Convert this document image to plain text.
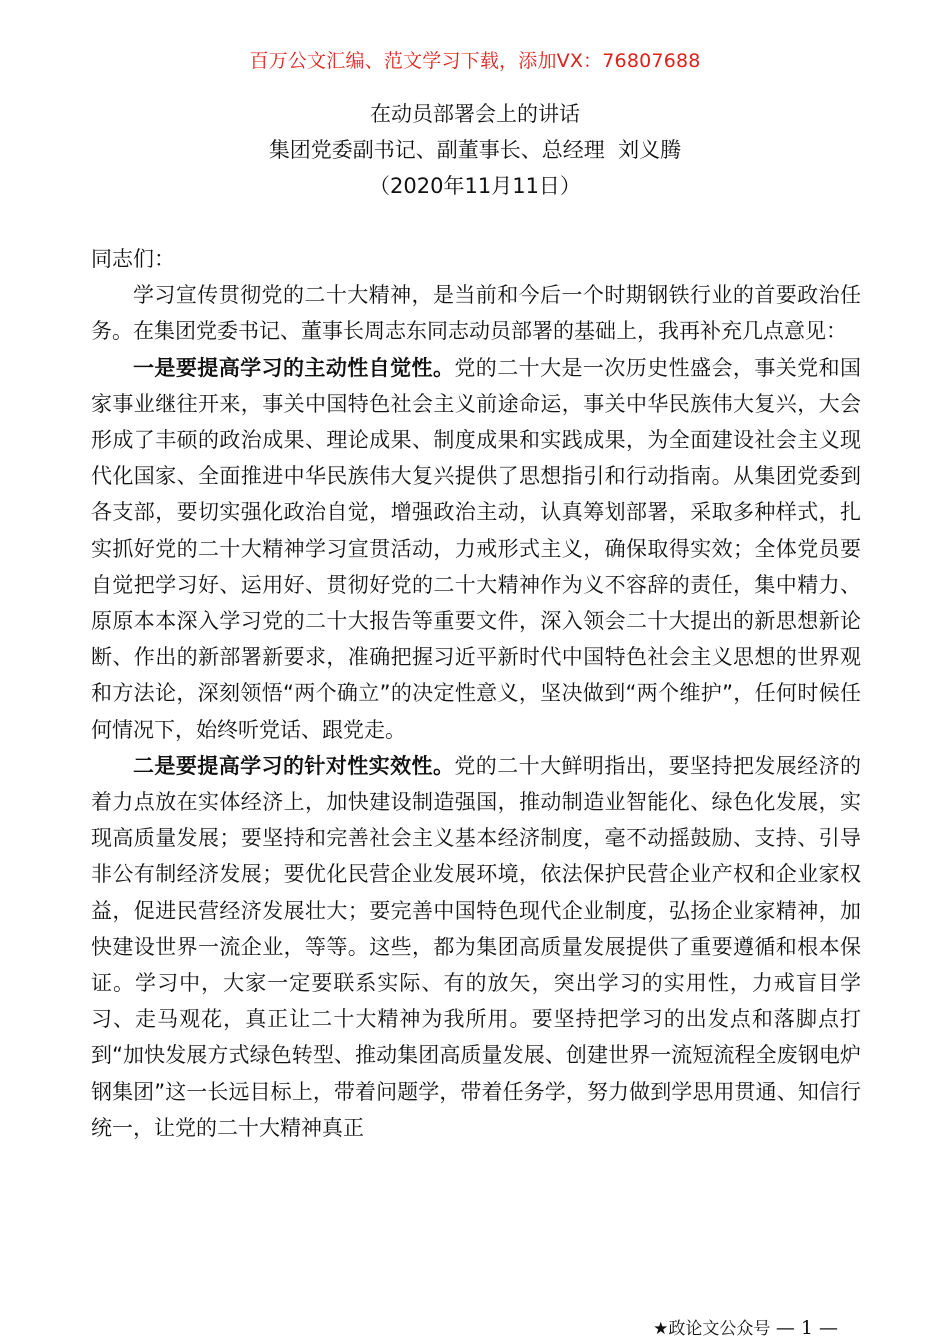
百万公文汇编、范文学习下载，添加VX：76807688
在动员部署会上的讲话
集团党委副书记、副董事长、总经理  刘义腾
（2020年11月11日）

同志们：

学习宣传贯彻党的二十大精神，是当前和今后一个时期钢铁行业的首要政治任务。在集团党委书记、董事长周志东同志动员部署的基础上，我再补充几点意见：

一是要提高学习的主动性自觉性。党的二十大是一次历史性盛会，事关党和国家事业继往开来，事关中国特色社会主义前途命运，事关中华民族伟大复兴，大会形成了丰硕的政治成果、理论成果、制度成果和实践成果，为全面建设社会主义现代化国家、全面推进中华民族伟大复兴提供了思想指引和行动指南。从集团党委到各支部，要切实强化政治自觉，增强政治主动，认真筹划部署，采取多种样式，扎实抓好党的二十大精神学习宣贯活动，力戒形式主义，确保取得实效；全体党员要自觉把学习好、运用好、贯彻好党的二十大精神作为义不容辞的责任，集中精力、原原本本深入学习党的二十大报告等重要文件，深入领会二十大提出的新思想新论断、作出的新部署新要求，准确把握习近平新时代中国特色社会主义思想的世界观和方法论，深刻领悟“两个确立”的决定性意义，坚决做到“两个维护”，任何时候任何情况下，始终听党话、跟党走。

二是要提高学习的针对性实效性。党的二十大鲜明指出，要坚持把发展经济的着力点放在实体经济上，加快建设制造强国，推动制造业智能化、绿色化发展，实现高质量发展；要坚持和完善社会主义基本经济制度，毫不动摇鼓励、支持、引导非公有制经济发展；要优化民营企业发展环境，依法保护民营企业产权和企业家权益，促进民营经济发展壮大；要完善中国特色现代企业制度，弘扬企业家精神，加快建设世界一流企业，等等。这些，都为集团高质量发展提供了重要遵循和根本保证。学习中，大家一定要联系实际、有的放矢，突出学习的实用性，力戒盲目学习、走马观花，真正让二十大精神为我所用。要坚持把学习的出发点和落脚点打到“加快发展方式绿色转型、推动集团高质量发展、创建世界一流短流程全废钢电炉钢集团”这一长远目标上，带着问题学，带着任务学，努力做到学思用贯通、知信行统一，让党的二十大精神真正

★政论文公众号 — 1 —
